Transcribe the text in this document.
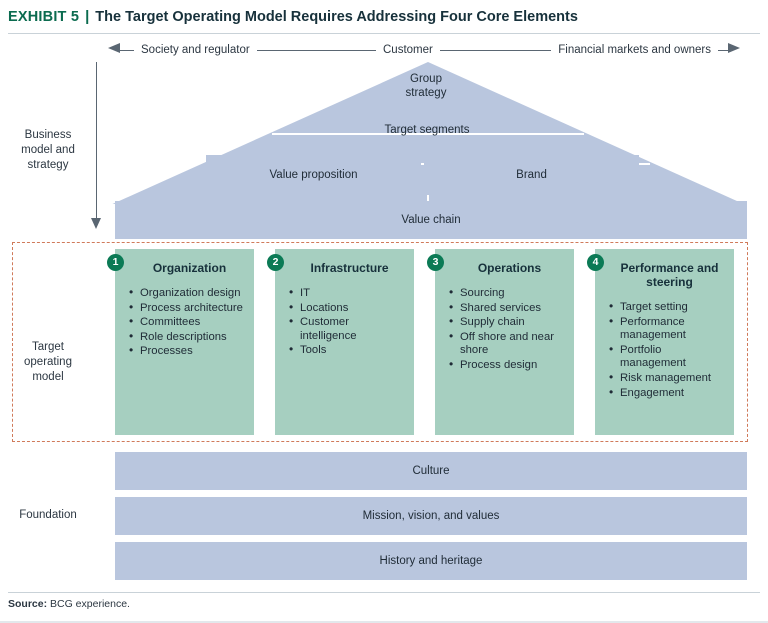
EXHIBIT 5 | The Target Operating Model Requires Addressing Four Core Elements
Society and regulator	Customer	Financial markets and owners
Business
model and
strategy
Target
operating
model
Foundation
Group
strategy
Target segments
Value proposition	Brand
Value chain
Organization
• Organization design
• Process architecture
• Committees
• Role descriptions
• Processes
1	Infrastructure
• IT
• Locations
• Customer intelligence
• Tools
2	Operations
• Sourcing
• Shared services
• Supply chain
• Off shore and near shore
• Process design
3	Performance and steering
• Target setting
• Performance management
• Portfolio management
• Risk management
• Engagement
4
Culture
Mission, vision, and values
History and heritage
Source: BCG experience.
